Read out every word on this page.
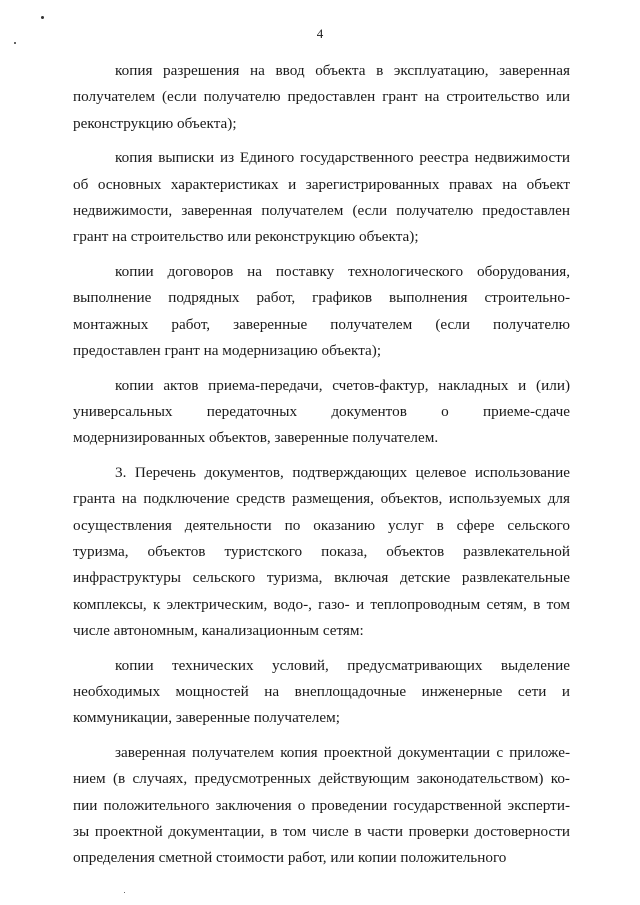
4

копия разрешения на ввод объекта в эксплуатацию, заверенная
получателем (если получателю предоставлен грант на строительство или
реконструкцию объекта);

копия выписки из Единого государственного реестра недвижимости
об основных характеристиках и зарегистрированных правах на объект
недвижимости, заверенная получателем (если получателю предоставлен
грант на строительство или реконструкцию объекта);

копии договоров на поставку технологического оборудования,
выполнение подрядных работ, графиков выполнения строительно-
монтажных работ, заверенные получателем (если получателю
предоставлен грант на модернизацию объекта);

копии актов приема-передачи, счетов-фактур, накладных и (или)
универсальных передаточных документов о приеме-сдаче
модернизированных объектов, заверенные получателем.

3. Перечень документов, подтверждающих целевое использование
гранта на подключение средств размещения, объектов, используемых для
осуществления деятельности по оказанию услуг в сфере сельского
туризма, объектов туристского показа, объектов развлекательной
инфраструктуры сельского туризма, включая детские развлекательные
комплексы, к электрическим, водо-, газо- и теплопроводным сетям, в том
числе автономным, канализационным сетям:

копии технических условий, предусматривающих выделение
необходимых мощностей на внеплощадочные инженерные сети и
коммуникации, заверенные получателем;

заверенная получателем копия проектной документации с приложе-
нием (в случаях, предусмотренных действующим законодательством) ко-
пии положительного заключения о проведении государственной эксперти-
зы проектной документации, в том числе в части проверки достоверности
определения сметной стоимости работ, или копии положительного
